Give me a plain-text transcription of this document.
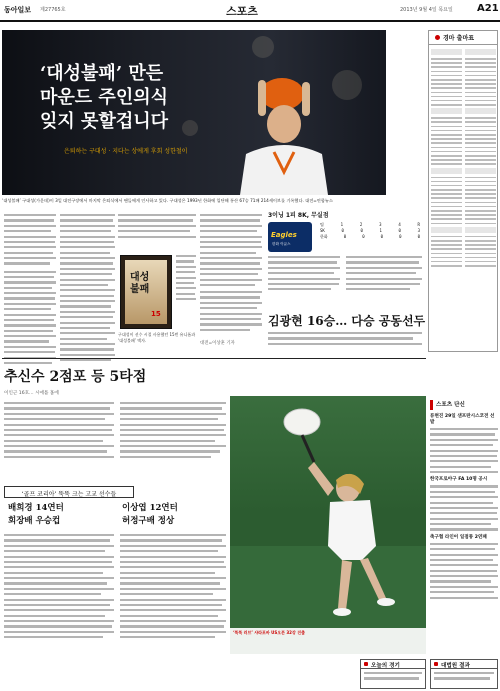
동아일보 제27765호	스포츠	2013년 9월 4일 목요일 A21
‘대성불패’ 만든
마운드 주인의식
잊지 못할겁니다
은퇴하는 구대성 · 지다는 상에게 후회 성한철이
‘대성불패’ 구대성(가운데)이 3일 대전구장에서 마지막 은퇴식에서 팬들에게 인사하고 있다. 구대성은 1993년 한화에 입단해 통산 67승 71패 214세이브를 기록했다. 대전=연합뉴스
대성
불패
15
구대성이 선수 시절 사용했던 15번 유니폼과 ‘대성불패’ 액자.
대전=이상훈 기자
3이닝 1피 8K, 무실점
Eagles
한화 이글스
팀	1	2	3	4	R
SK	0	0	1	0	3
한화	0	0	0	0	0
김광현 16승… 다승 공동선두
경마 출마표
추신수 2점포 등 5타점
이인근 16호… 시애틀 홈에
‘골프 코리아’ 뚝뚝 크는 고교 선수들
배희경 14연터
회장배 우승컵
이상엽 12연터
허정구배 정상
‘뚝뚝 러브’ 샤라포바 US오픈 32강 진출
스포츠 단신
류현진 29일 샌프란시스코전 선발
한국프로야구 FA 10명 공시
축구협 라인어 일점통 2연패
오늘의 경기	대법원 결과
